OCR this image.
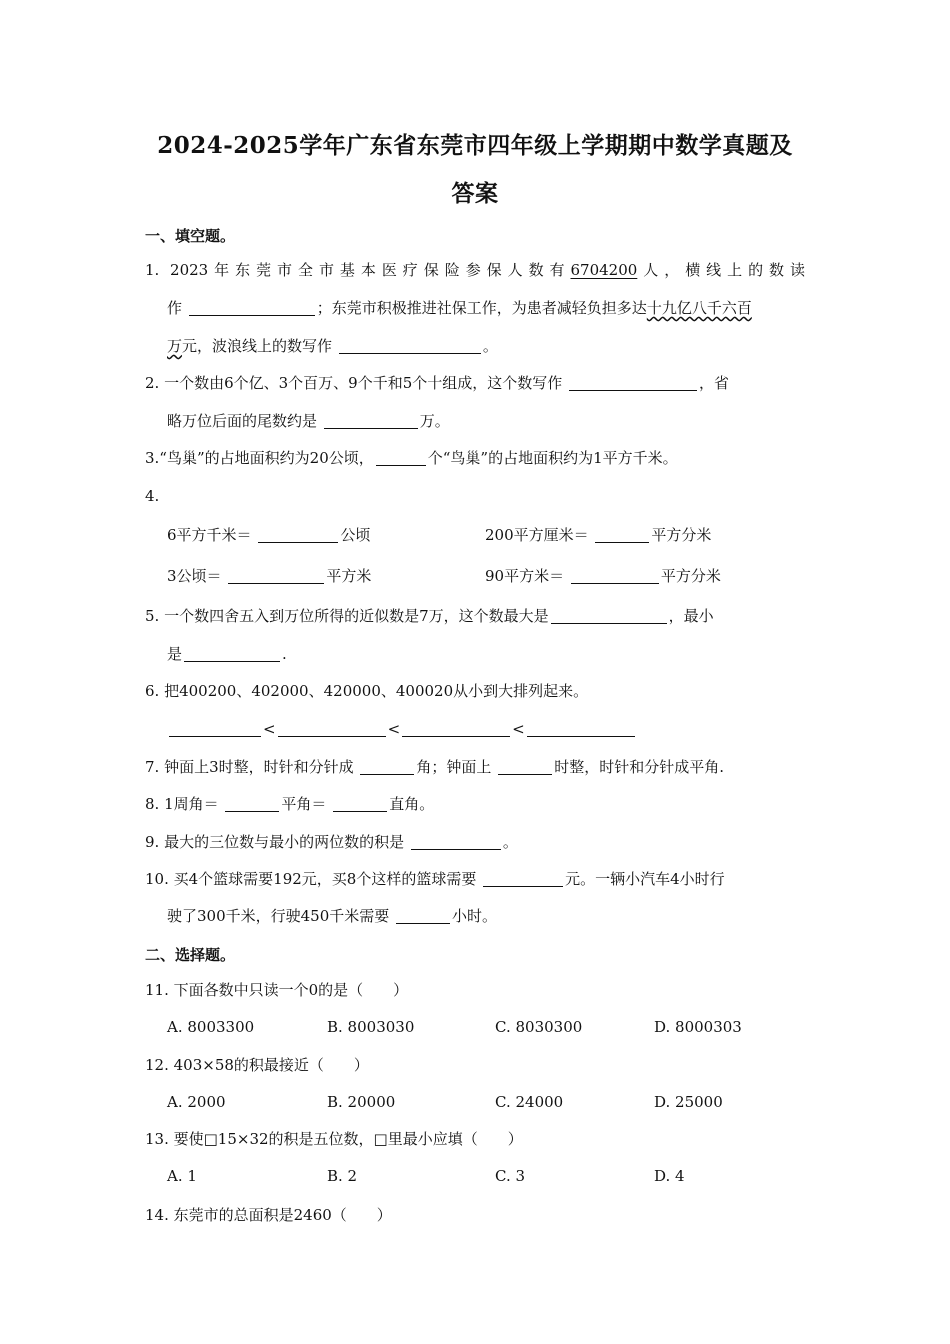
2024-2025学年广东省东莞市四年级上学期期中数学真题及
答案
一、填空题。
1. 2023年东莞市全市基本医疗保险参保人数有6704200人，横线上的数读
作	；东莞市积极推进社保工作，为患者减轻负担多达十九亿八千六百
万元，波浪线上的数写作	。
2. 一个数由6个亿、3个百万、9个千和5个十组成，这个数写作	，省
略万位后面的尾数约是	万。
3.“鸟巢”的占地面积约为20公顷，	个“鸟巢”的占地面积约为1平方千米。
4.
6平方千米＝	公顷	200平方厘米＝	平方分米
3公顷＝	平方米	90平方米＝	平方分米
5. 一个数四舍五入到万位所得的近似数是7万，这个数最大是	，最小
是	.
6. 把400200、402000、420000、400020从小到大排列起来。
<	<	<
7. 钟面上3时整，时针和分针成	角；钟面上	时整，时针和分针成平角.
8. 1周角＝	平角＝	直角。
9. 最大的三位数与最小的两位数的积是	。
10. 买4个篮球需要192元，买8个这样的篮球需要	元。一辆小汽车4小时行
驶了300千米，行驶450千米需要	小时。
二、选择题。
11. 下面各数中只读一个0的是（　　）
A. 8003300	B. 8003030	C. 8030300	D. 8000303
12. 403×58的积最接近（　　）
A. 2000	B. 20000	C. 24000	D. 25000
13. 要使□15×32的积是五位数，□里最小应填（　　）
A. 1	B. 2	C. 3	D. 4
14. 东莞市的总面积是2460（　　）
